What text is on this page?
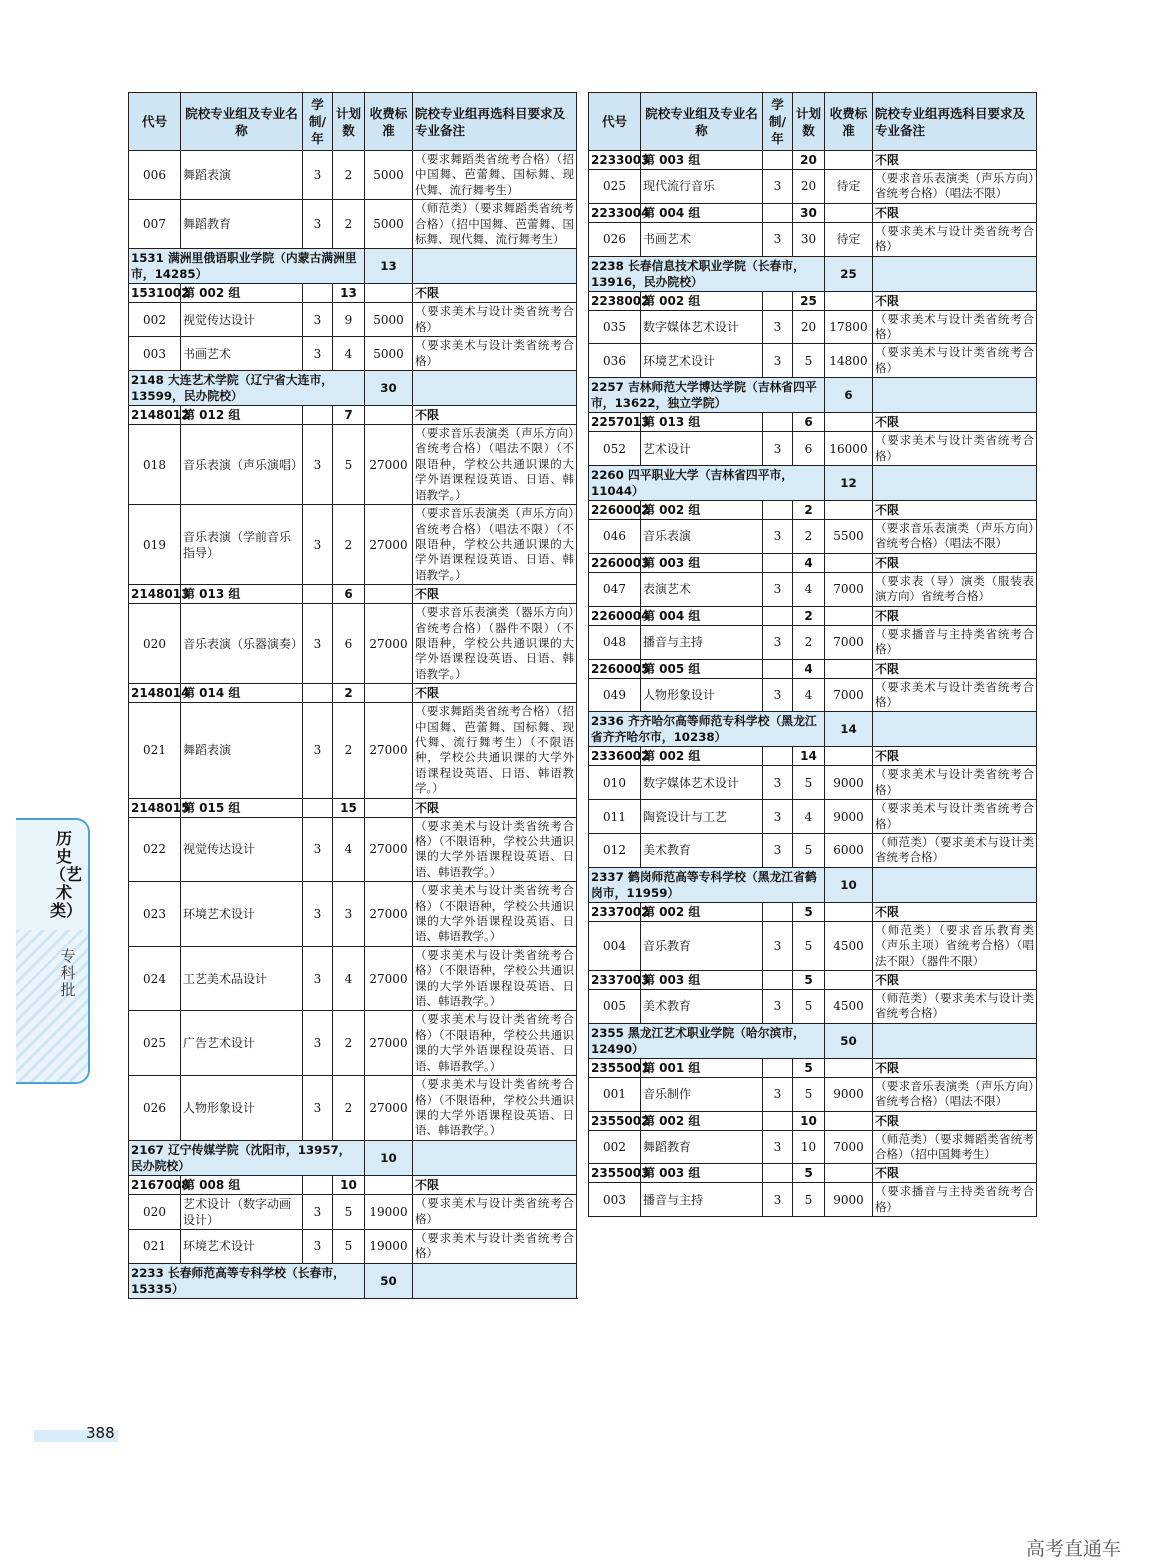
历史（艺术类）
专科批
代号	院校专业组及专业名称	学制/年	计划数	收费标准	院校专业组再选科目要求及专业备注
006	舞蹈表演	3	2	5000	（要求舞蹈类省统考合格）（招中国舞、芭蕾舞、国标舞、现代舞、流行舞考生）
007	舞蹈教育	3	2	5000	（师范类）（要求舞蹈类省统考合格）（招中国舞、芭蕾舞、国标舞、现代舞、流行舞考生）
1531 满洲里俄语职业学院（内蒙古满洲里市，14285）				13	
1531002	第 002 组		13		不限
002	视觉传达设计	3	9	5000	（要求美术与设计类省统考合格）
003	书画艺术	3	4	5000	（要求美术与设计类省统考合格）
2148 大连艺术学院（辽宁省大连市，13599，民办院校）				30	
2148012	第 012 组		7		不限
018	音乐表演（声乐演唱）	3	5	27000	（要求音乐表演类（声乐方向）省统考合格）（唱法不限）（不限语种，学校公共通识课的大学外语课程设英语、日语、韩语教学。）
019	音乐表演（学前音乐指导）	3	2	27000	（要求音乐表演类（声乐方向）省统考合格）（唱法不限）（不限语种，学校公共通识课的大学外语课程设英语、日语、韩语教学。）
2148013	第 013 组		6		不限
020	音乐表演（乐器演奏）	3	6	27000	（要求音乐表演类（器乐方向）省统考合格）（器件不限）（不限语种，学校公共通识课的大学外语课程设英语、日语、韩语教学。）
2148014	第 014 组		2		不限
021	舞蹈表演	3	2	27000	（要求舞蹈类省统考合格）（招中国舞、芭蕾舞、国标舞、现代舞、流行舞考生）（不限语种，学校公共通识课的大学外语课程设英语、日语、韩语教学。）
2148015	第 015 组		15		不限
022	视觉传达设计	3	4	27000	（要求美术与设计类省统考合格）（不限语种，学校公共通识课的大学外语课程设英语、日语、韩语教学。）
023	环境艺术设计	3	3	27000	（要求美术与设计类省统考合格）（不限语种，学校公共通识课的大学外语课程设英语、日语、韩语教学。）
024	工艺美术品设计	3	4	27000	（要求美术与设计类省统考合格）（不限语种，学校公共通识课的大学外语课程设英语、日语、韩语教学。）
025	广告艺术设计	3	2	27000	（要求美术与设计类省统考合格）（不限语种，学校公共通识课的大学外语课程设英语、日语、韩语教学。）
026	人物形象设计	3	2	27000	（要求美术与设计类省统考合格）（不限语种，学校公共通识课的大学外语课程设英语、日语、韩语教学。）
2167 辽宁传媒学院（沈阳市，13957，民办院校）				10	
2167008	第 008 组		10		不限
020	艺术设计（数字动画设计）	3	5	19000	（要求美术与设计类省统考合格）
021	环境艺术设计	3	5	19000	（要求美术与设计类省统考合格）
2233 长春师范高等专科学校（长春市，15335）				50	
代号	院校专业组及专业名称	学制/年	计划数	收费标准	院校专业组再选科目要求及专业备注
2233003	第 003 组		20		不限
025	现代流行音乐	3	20	待定	（要求音乐表演类（声乐方向）省统考合格）（唱法不限）
2233004	第 004 组		30		不限
026	书画艺术	3	30	待定	（要求美术与设计类省统考合格）
2238 长春信息技术职业学院（长春市，13916，民办院校）				25	
2238002	第 002 组		25		不限
035	数字媒体艺术设计	3	20	17800	（要求美术与设计类省统考合格）
036	环境艺术设计	3	5	14800	（要求美术与设计类省统考合格）
2257 吉林师范大学博达学院（吉林省四平市，13622，独立学院）				6	
2257013	第 013 组		6		不限
052	艺术设计	3	6	16000	（要求美术与设计类省统考合格）
2260 四平职业大学（吉林省四平市，11044）				12	
2260002	第 002 组		2		不限
046	音乐表演	3	2	5500	（要求音乐表演类（声乐方向）省统考合格）（唱法不限）
2260003	第 003 组		4		不限
047	表演艺术	3	4	7000	（要求表（导）演类（服装表演方向）省统考合格）
2260004	第 004 组		2		不限
048	播音与主持	3	2	7000	（要求播音与主持类省统考合格）
2260005	第 005 组		4		不限
049	人物形象设计	3	4	7000	（要求美术与设计类省统考合格）
2336 齐齐哈尔高等师范专科学校（黑龙江省齐齐哈尔市，10238）				14	
2336002	第 002 组		14		不限
010	数字媒体艺术设计	3	5	9000	（要求美术与设计类省统考合格）
011	陶瓷设计与工艺	3	4	9000	（要求美术与设计类省统考合格）
012	美术教育	3	5	6000	（师范类）（要求美术与设计类省统考合格）
2337 鹤岗师范高等专科学校（黑龙江省鹤岗市，11959）				10	
2337002	第 002 组		5		不限
004	音乐教育	3	5	4500	（师范类）（要求音乐教育类（声乐主项）省统考合格）（唱法不限）（器件不限）
2337003	第 003 组		5		不限
005	美术教育	3	5	4500	（师范类）（要求美术与设计类省统考合格）
2355 黑龙江艺术职业学院（哈尔滨市，12490）				50	
2355001	第 001 组		5		不限
001	音乐制作	3	5	9000	（要求音乐表演类（声乐方向）省统考合格）（唱法不限）
2355002	第 002 组		10		不限
002	舞蹈教育	3	10	7000	（师范类）（要求舞蹈类省统考合格）（招中国舞考生）
2355003	第 003 组		5		不限
003	播音与主持	3	5	9000	（要求播音与主持类省统考合格）
388
高考直通车
